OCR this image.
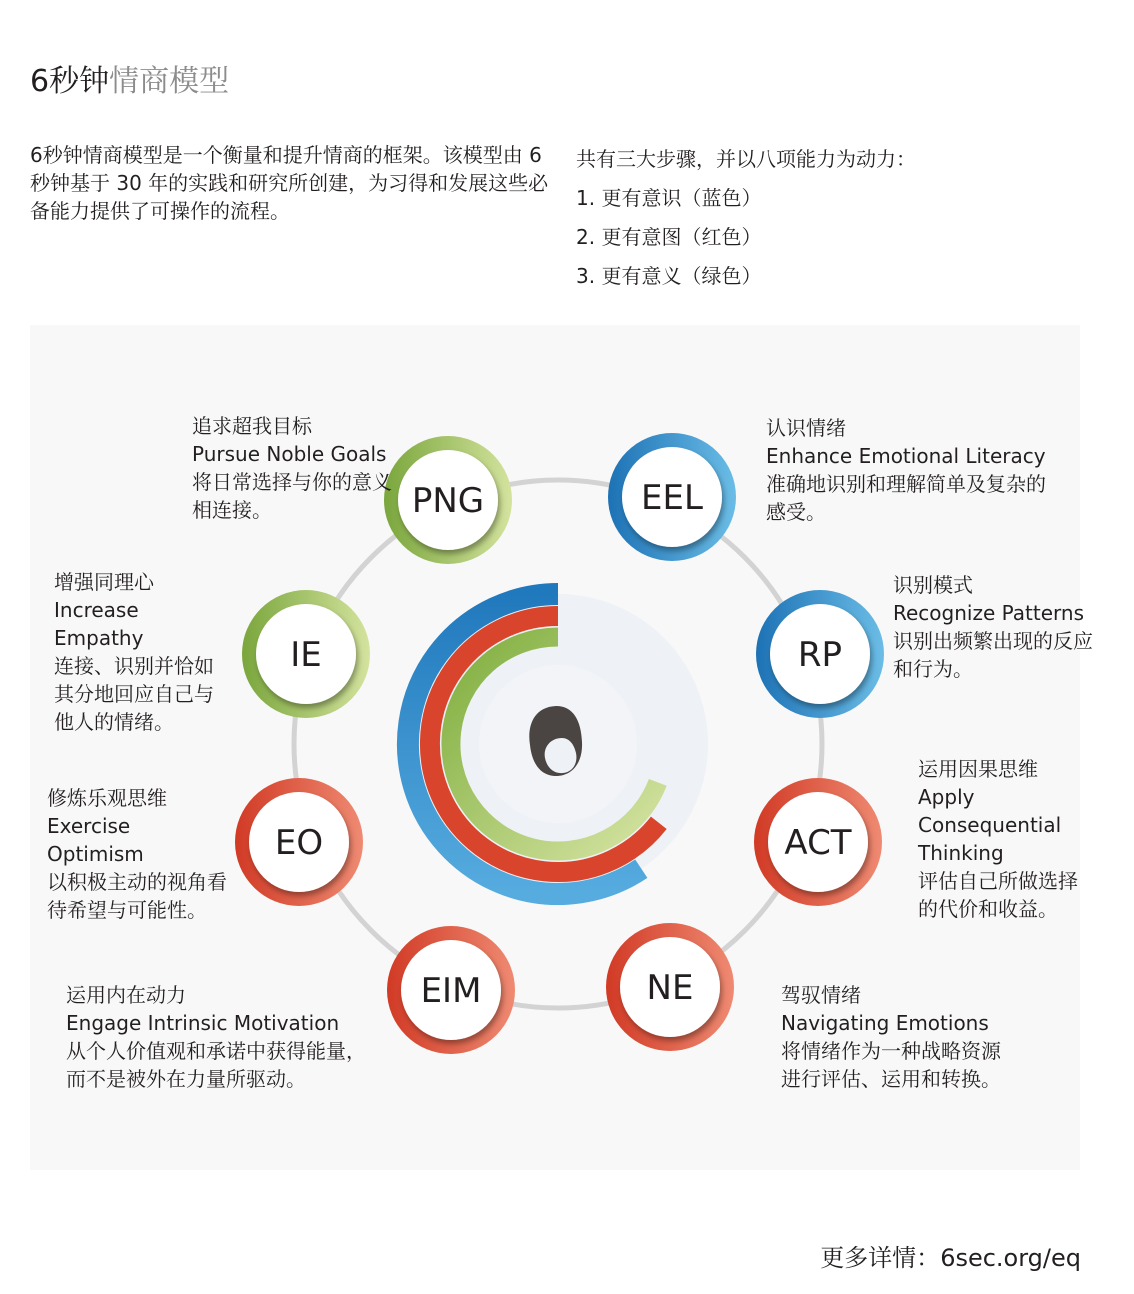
6秒钟情商模型

6秒钟情商模型是一个衡量和提升情商的框架。该模型由 6 秒钟基于 30 年的实践和研究所创建，为习得和发展这些必备能力提供了可操作的流程。

共有三大步骤，并以八项能力为动力：
1. 更有意识（蓝色）
2. 更有意图（红色）
3. 更有意义（绿色）
PNG	EEL
RP
ACT
NE
EIM
EO
IE
追求超我目标
Pursue Noble Goals
将日常选择与你的意义相连接。
认识情绪
Enhance Emotional Literacy
准确地识别和理解简单及复杂的感受。
识别模式
Recognize Patterns
识别出频繁出现的反应和行为。
运用因果思维
Apply Consequential Thinking
评估自己所做选择的代价和收益。
驾驭情绪
Navigating Emotions
将情绪作为一种战略资源进行评估、运用和转换。
运用内在动力
Engage Intrinsic Motivation
从个人价值观和承诺中获得能量，而不是被外在力量所驱动。
修炼乐观思维
Exercise Optimism
以积极主动的视角看待希望与可能性。
增强同理心
Increase Empathy
连接、识别并恰如其分地回应自己与他人的情绪。
更多详情：6sec.org/eq
